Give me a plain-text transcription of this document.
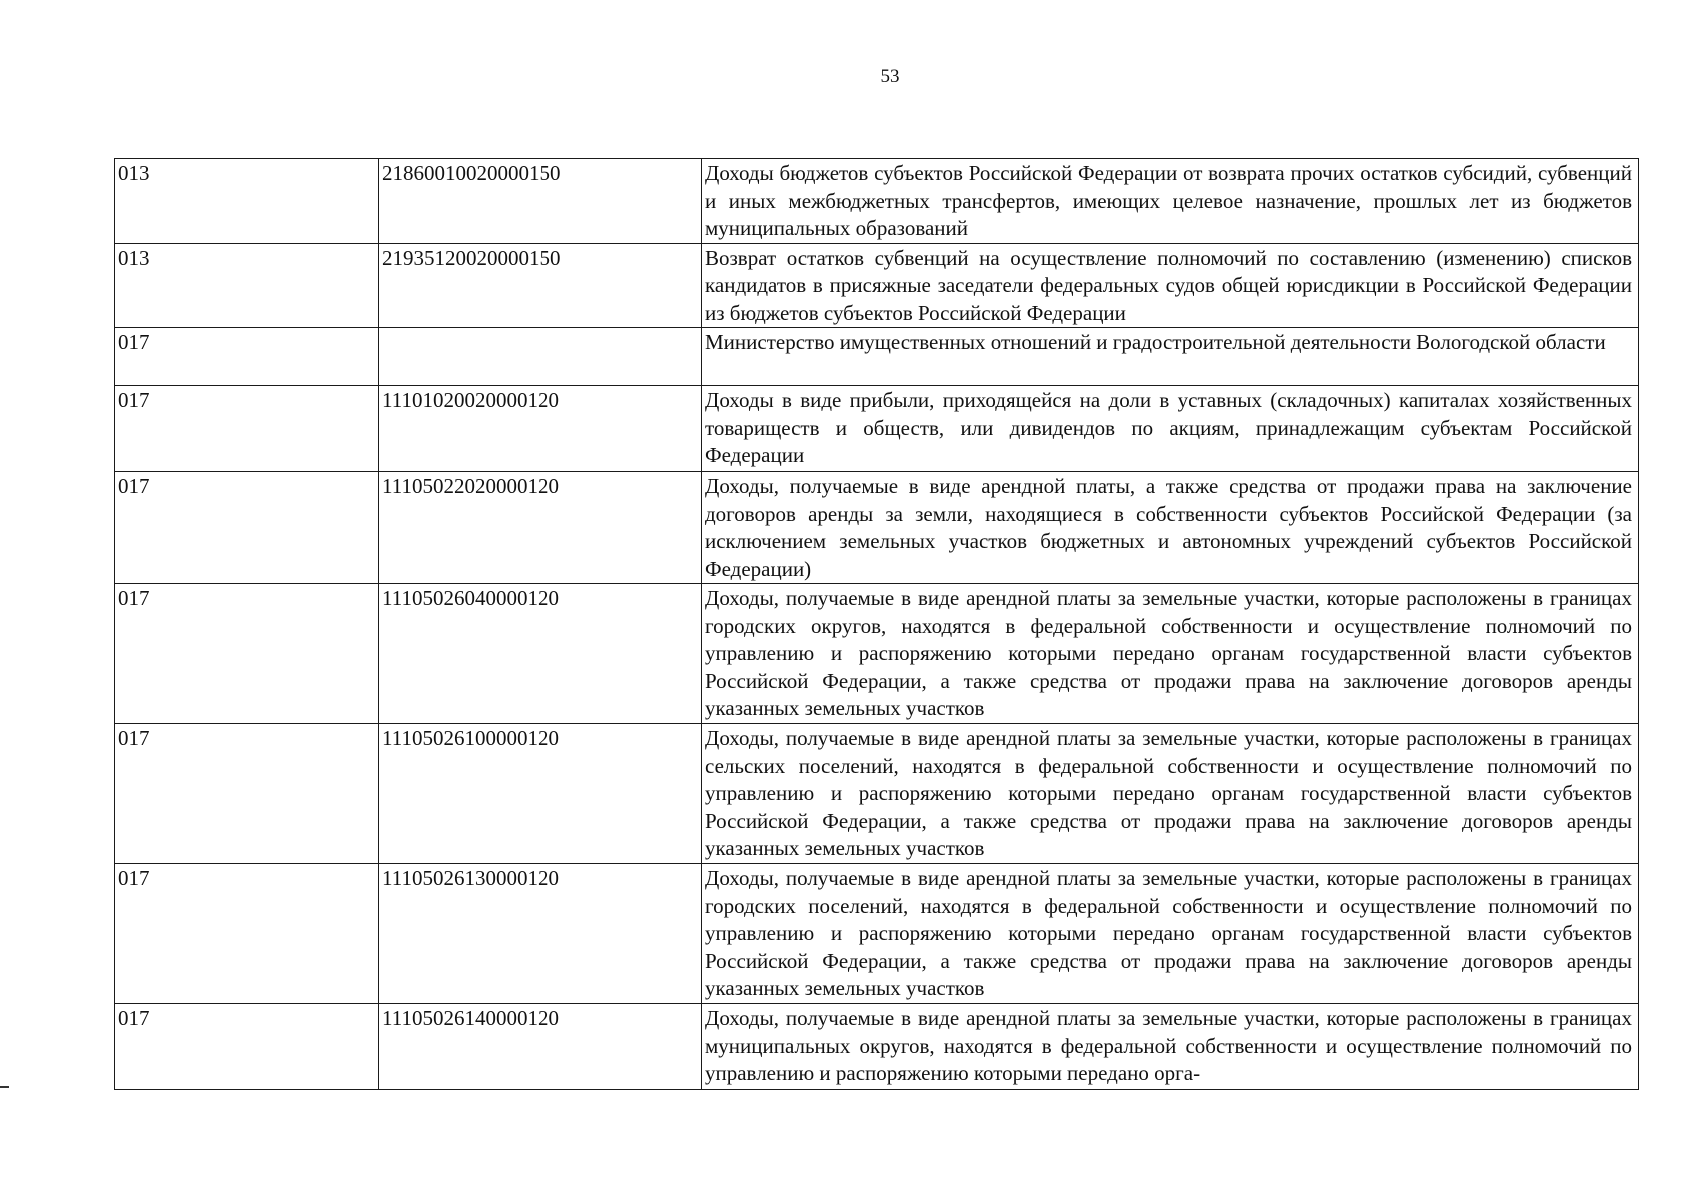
53
013	21860010020000150	Доходы бюджетов субъектов Российской Федерации от возврата прочих остатков субсидий, субвенций и иных межбюджетных трансфертов, имеющих целевое назначение, прошлых лет из бюджетов муниципальных образований
013	21935120020000150	Возврат остатков субвенций на осуществление полномочий по составлению (изменению) списков кандидатов в присяжные заседатели федеральных судов общей юрисдикции в Российской Федерации из бюджетов субъектов Российской Федерации
017		Министерство имущественных отношений и градостроительной деятельности Вологодской области
017	11101020020000120	Доходы в виде прибыли, приходящейся на доли в уставных (складочных) капиталах хозяйственных товариществ и обществ, или дивидендов по акциям, принадлежащим субъектам Российской Федерации
017	11105022020000120	Доходы, получаемые в виде арендной платы, а также средства от продажи права на заключение договоров аренды за земли, находящиеся в собственности субъектов Российской Федерации (за исключением земельных участков бюджетных и автономных учреждений субъектов Российской Федерации)
017	11105026040000120	Доходы, получаемые в виде арендной платы за земельные участки, которые расположены в границах городских округов, находятся в федеральной собственности и осуществление полномочий по управлению и распоряжению которыми передано органам государственной власти субъектов Российской Федерации, а также средства от продажи права на заключение договоров аренды указанных земельных участков
017	11105026100000120	Доходы, получаемые в виде арендной платы за земельные участки, которые расположены в границах сельских поселений, находятся в федеральной собственности и осуществление полномочий по управлению и распоряжению которыми передано органам государственной власти субъектов Российской Федерации, а также средства от продажи права на заключение договоров аренды указанных земельных участков
017	11105026130000120	Доходы, получаемые в виде арендной платы за земельные участки, которые расположены в границах городских поселений, находятся в федеральной собственности и осуществление полномочий по управлению и распоряжению которыми передано органам государственной власти субъектов Российской Федерации, а также средства от продажи права на заключение договоров аренды указанных земельных участков
017	11105026140000120	Доходы, получаемые в виде арендной платы за земельные участки, которые расположены в границах муниципальных округов, находятся в федеральной собственности и осуществление полномочий по управлению и распоряжению которыми передано орга-
